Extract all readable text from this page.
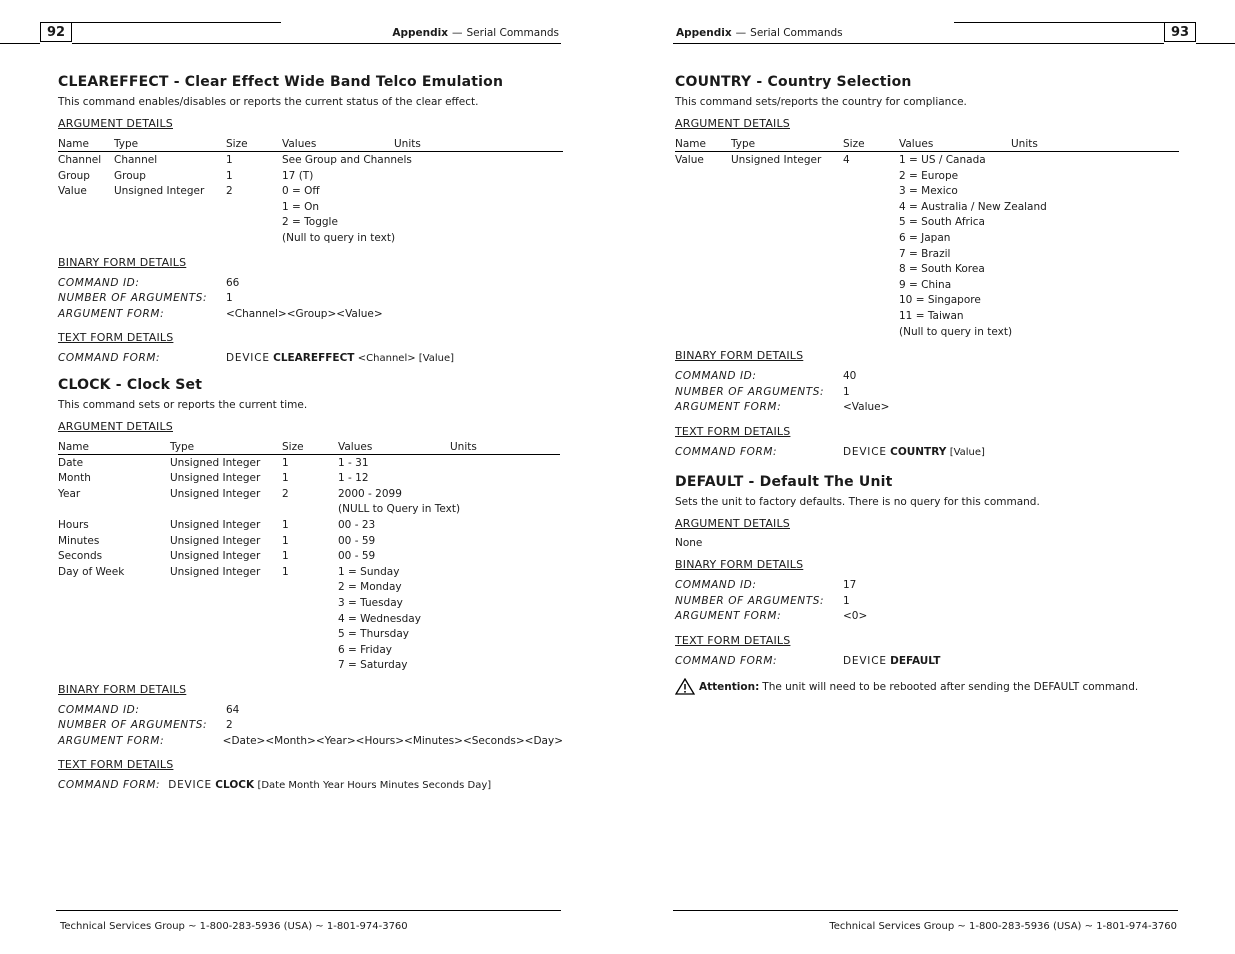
92	Appendix — Serial Commands
CLEAREFFECT - Clear Effect Wide Band Telco Emulation

This command enables/disables or reports the current status of the clear effect.

ARGUMENT DETAILS
Name	Type	Size	Values	Units
Channel	Channel	1	See Group and Channels
Group	Group	1	17 (T)
Value	Unsigned Integer	2	0 = Off
1 = On
2 = Toggle
(Null to query in text)
BINARY FORM DETAILS
COMMAND ID:	66
NUMBER OF ARGUMENTS:	1
ARGUMENT FORM:	<Channel><Group><Value>
TEXT FORM DETAILS
COMMAND FORM:	DEVICE CLEAREFFECT <Channel> [Value]
CLOCK - Clock Set

This command sets or reports the current time.

ARGUMENT DETAILS
Name	Type	Size	Values	Units
Date	Unsigned Integer	1	1 - 31
Month	Unsigned Integer	1	1 - 12
Year	Unsigned Integer	2	2000 - 2099
(NULL to Query in Text)
Hours	Unsigned Integer	1	00 - 23
Minutes	Unsigned Integer	1	00 - 59
Seconds	Unsigned Integer	1	00 - 59
Day of Week	Unsigned Integer	1	1 = Sunday
2 = Monday
3 = Tuesday
4 = Wednesday
5 = Thursday
6 = Friday
7 = Saturday
BINARY FORM DETAILS
COMMAND ID:	64
NUMBER OF ARGUMENTS:	2
ARGUMENT FORM:	<Date><Month><Year><Hours><Minutes><Seconds><Day>
TEXT FORM DETAILS
COMMAND FORM: DEVICE CLOCK [Date Month Year Hours Minutes Seconds Day]
Technical Services Group ~ 1-800-283-5936 (USA) ~ 1-801-974-3760
93
Appendix — Serial Commands
COUNTRY - Country Selection

This command sets/reports the country for compliance.

ARGUMENT DETAILS
Name	Type	Size	Values	Units
Value	Unsigned Integer	4	1 = US / Canada
2 = Europe
3 = Mexico
4 = Australia / New Zealand
5 = South Africa
6 = Japan
7 = Brazil
8 = South Korea
9 = China
10 = Singapore
11 = Taiwan
(Null to query in text)
BINARY FORM DETAILS
COMMAND ID:	40
NUMBER OF ARGUMENTS:	1
ARGUMENT FORM:	<Value>
TEXT FORM DETAILS
COMMAND FORM:	DEVICE COUNTRY [Value]
DEFAULT - Default The Unit

Sets the unit to factory defaults. There is no query for this command.

ARGUMENT DETAILS

None

BINARY FORM DETAILS
COMMAND ID:	17
NUMBER OF ARGUMENTS:	1
ARGUMENT FORM:	<0>
TEXT FORM DETAILS
COMMAND FORM:	DEVICE DEFAULT
Attention: The unit will need to be rebooted after sending the DEFAULT command.
Technical Services Group ~ 1-800-283-5936 (USA) ~ 1-801-974-3760
